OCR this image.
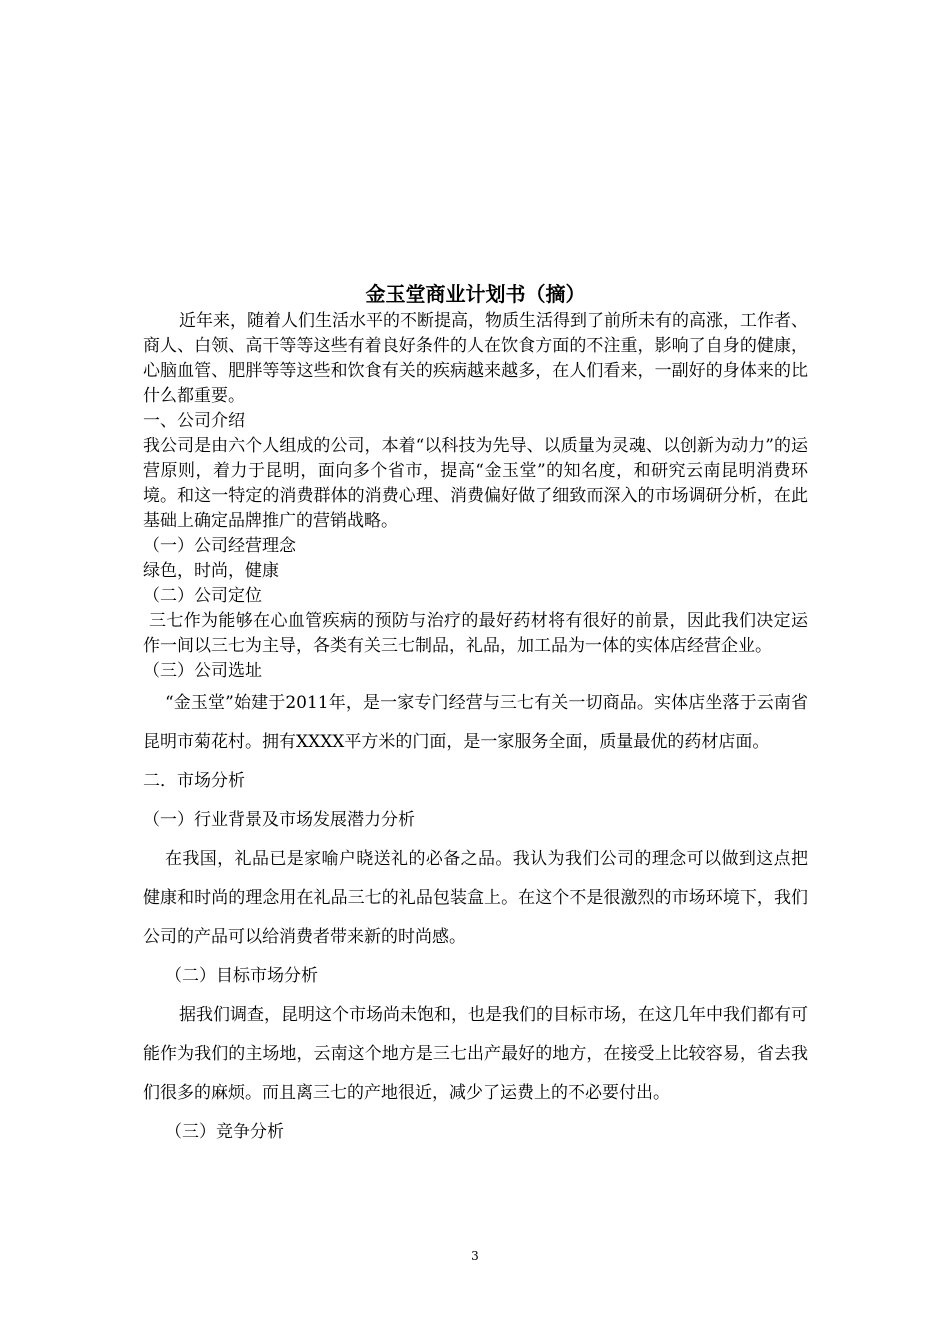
金玉堂商业计划书（摘）

近年来，随着人们生活水平的不断提高，物质生活得到了前所未有的高涨，工作者、商人、白领、高干等等这些有着良好条件的人在饮食方面的不注重，影响了自身的健康，心脑血管、肥胖等等这些和饮食有关的疾病越来越多，在人们看来，一副好的身体来的比什么都重要。

一、公司介绍

我公司是由六个人组成的公司，本着“以科技为先导、以质量为灵魂、以创新为动力”的运营原则，着力于昆明，面向多个省市，提高“金玉堂”的知名度，和研究云南昆明消费环境。和这一特定的消费群体的消费心理、消费偏好做了细致而深入的市场调研分析，在此基础上确定品牌推广的营销战略。

（一）公司经营理念

绿色，时尚，健康

（二）公司定位

三七作为能够在心血管疾病的预防与治疗的最好药材将有很好的前景，因此我们决定运作一间以三七为主导，各类有关三七制品，礼品，加工品为一体的实体店经营企业。

（三）公司选址

“金玉堂”始建于2011年，是一家专门经营与三七有关一切商品。实体店坐落于云南省昆明市菊花村。拥有XXXX平方米的门面，是一家服务全面，质量最优的药材店面。

二．市场分析

（一）行业背景及市场发展潜力分析

在我国，礼品已是家喻户晓送礼的必备之品。我认为我们公司的理念可以做到这点把健康和时尚的理念用在礼品三七的礼品包装盒上。在这个不是很激烈的市场环境下，我们公司的产品可以给消费者带来新的时尚感。

（二）目标市场分析

据我们调查，昆明这个市场尚未饱和，也是我们的目标市场，在这几年中我们都有可能作为我们的主场地，云南这个地方是三七出产最好的地方，在接受上比较容易，省去我们很多的麻烦。而且离三七的产地很近，减少了运费上的不必要付出。

（三）竞争分析

3
